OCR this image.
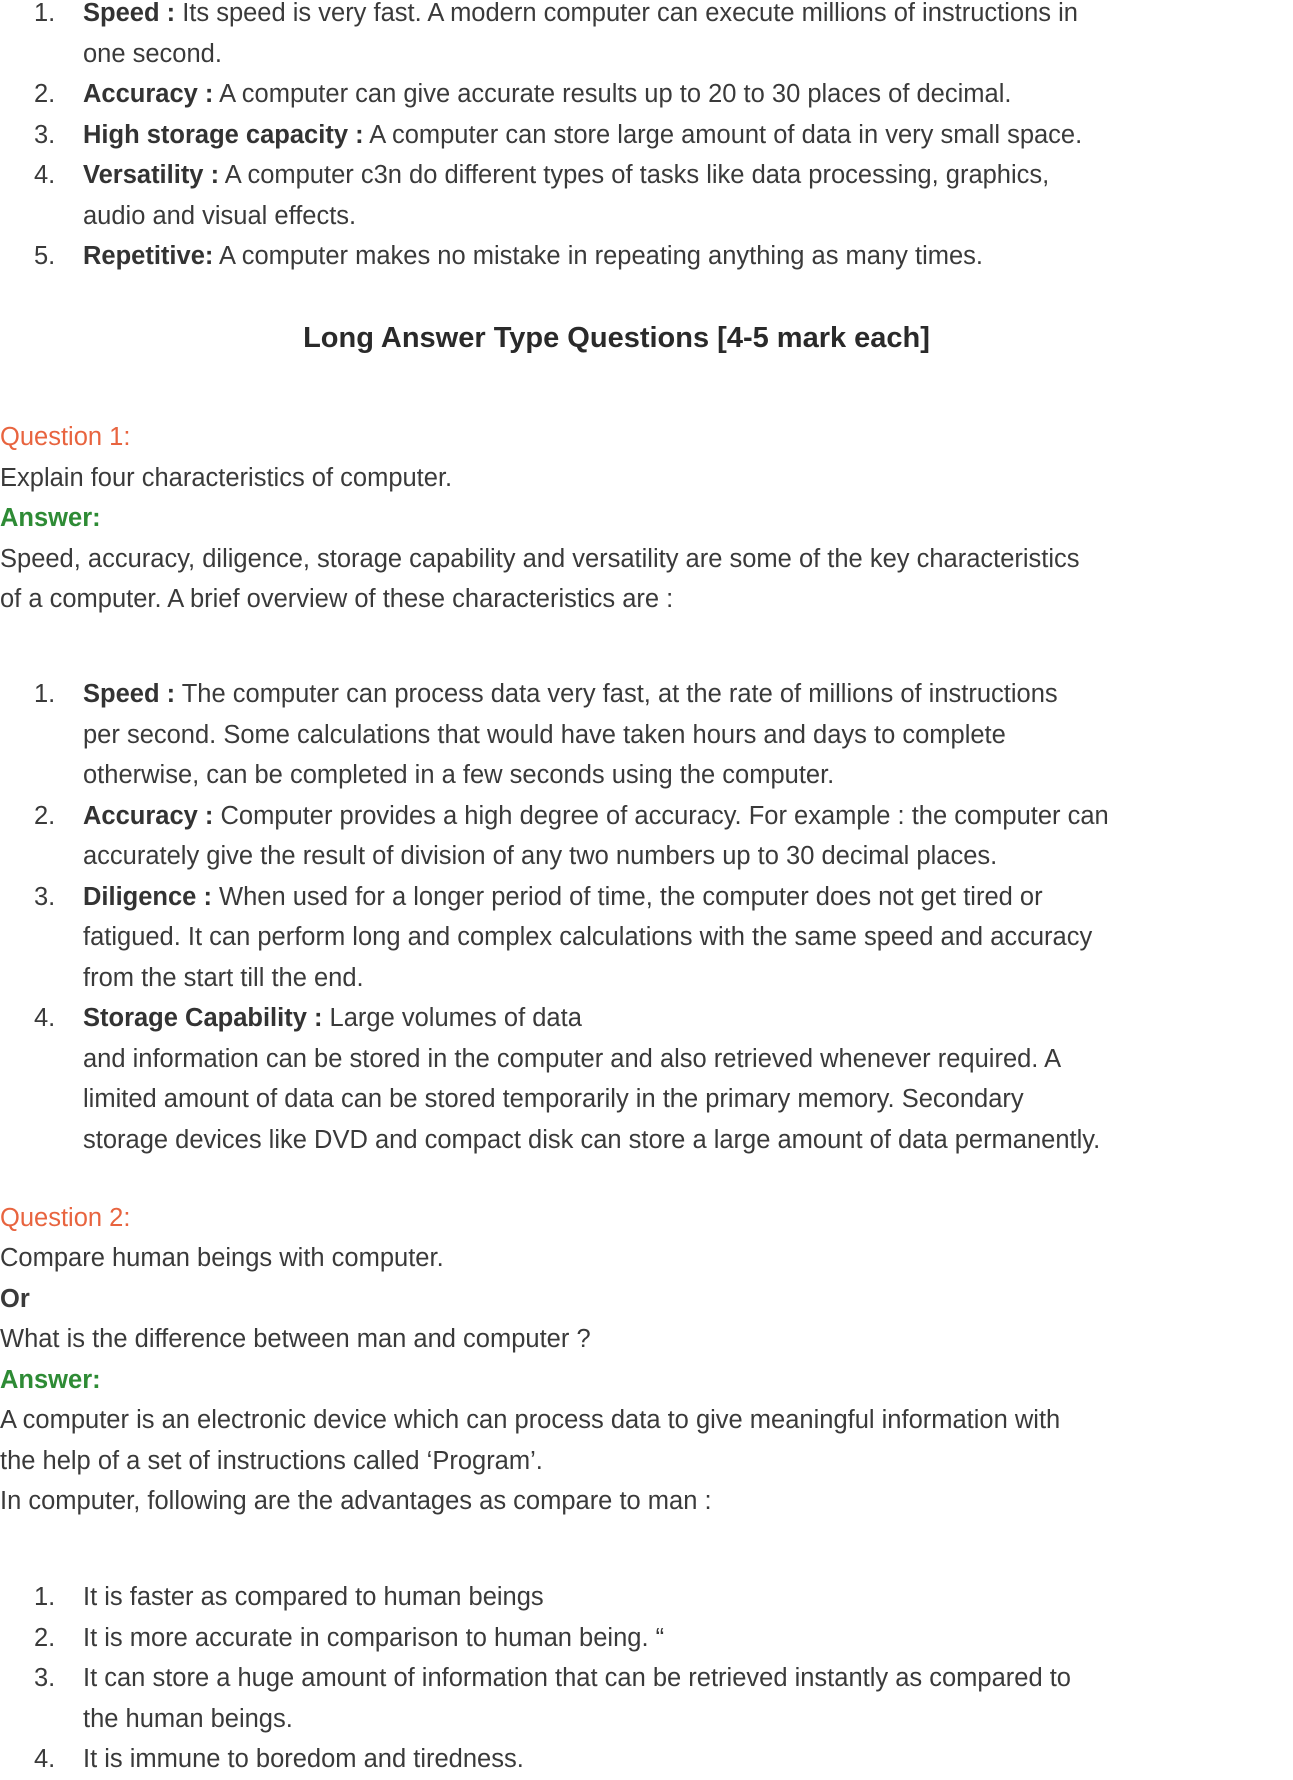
1. Speed : Its speed is very fast. A modern computer can execute millions of instructions in
one second.
2. Accuracy : A computer can give accurate results up to 20 to 30 places of decimal.
3. High storage capacity : A computer can store large amount of data in very small space.
4. Versatility : A computer c3n do different types of tasks like data processing, graphics,
audio and visual effects.
5. Repetitive: A computer makes no mistake in repeating anything as many times.
Long Answer Type Questions [4-5 mark each]
Question 1:
Explain four characteristics of computer.
Answer:
Speed, accuracy, diligence, storage capability and versatility are some of the key characteristics
of a computer. A brief overview of these characteristics are :
1. Speed : The computer can process data very fast, at the rate of millions of instructions
per second. Some calculations that would have taken hours and days to complete
otherwise, can be completed in a few seconds using the computer.
2. Accuracy : Computer provides a high degree of accuracy. For example : the computer can
accurately give the result of division of any two numbers up to 30 decimal places.
3. Diligence : When used for a longer period of time, the computer does not get tired or
fatigued. It can perform long and complex calculations with the same speed and accuracy
from the start till the end.
4. Storage Capability : Large volumes of data
and information can be stored in the computer and also retrieved whenever required. A
limited amount of data can be stored temporarily in the primary memory. Secondary
storage devices like DVD and compact disk can store a large amount of data permanently.
Question 2:
Compare human beings with computer.
Or
What is the difference between man and computer ?
Answer:
A computer is an electronic device which can process data to give meaningful information with
the help of a set of instructions called ‘Program’.
In computer, following are the advantages as compare to man :
1. It is faster as compared to human beings
2. It is more accurate in comparison to human being. “
3. It can store a huge amount of information that can be retrieved instantly as compared to
the human beings.
4. It is immune to boredom and tiredness.
